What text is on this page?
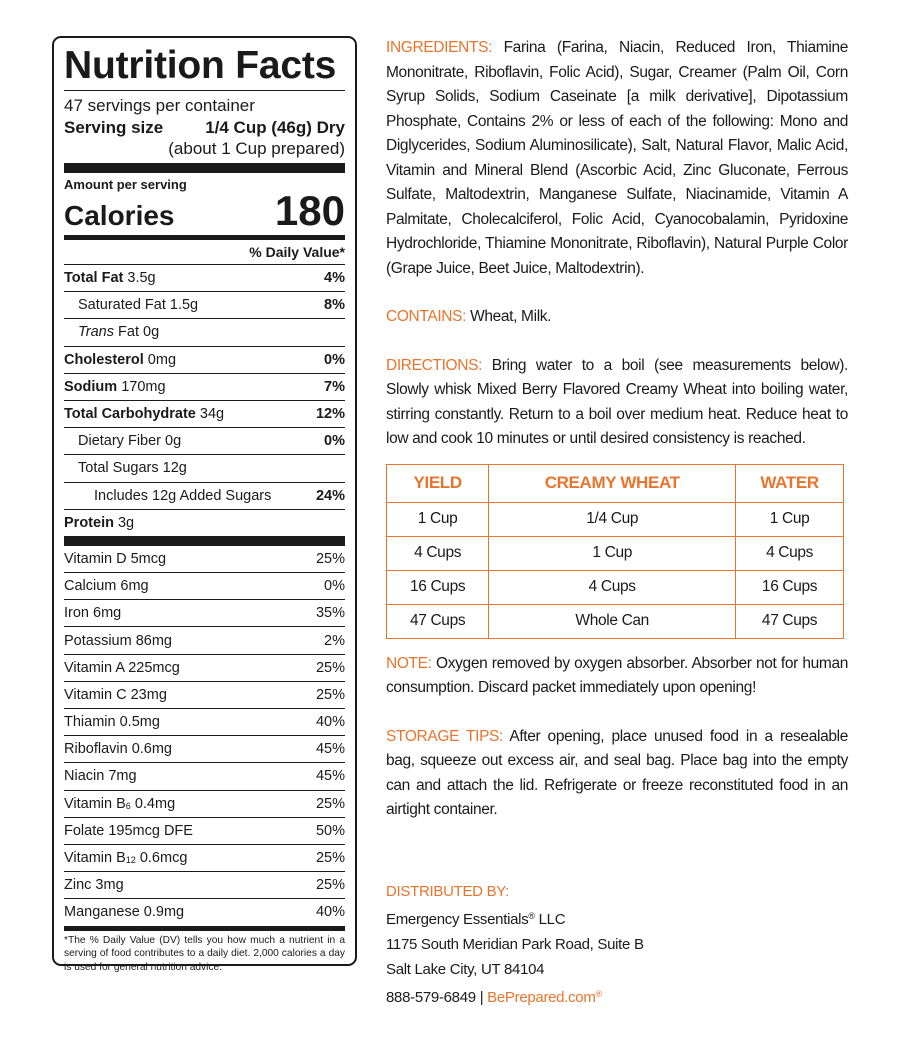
Nutrition Facts
47 servings per container
Serving size 1/4 Cup (46g) Dry
(about 1 Cup prepared)
Amount per serving
Calories 180
% Daily Value*
Total Fat 3.5g	4%
Saturated Fat 1.5g	8%
Trans Fat 0g
Cholesterol 0mg	0%
Sodium 170mg	7%
Total Carbohydrate 34g	12%
Dietary Fiber 0g	0%
Total Sugars 12g
Includes 12g Added Sugars	24%
Protein 3g
Vitamin D 5mcg	25%
Calcium 6mg	0%
Iron 6mg	35%
Potassium 86mg	2%
Vitamin A 225mcg	25%
Vitamin C 23mg	25%
Thiamin 0.5mg	40%
Riboflavin 0.6mg	45%
Niacin 7mg	45%
Vitamin $B_6$ 0.4mg	25%
Folate 195mcg DFE	50%
Vitamin $B_{12}$ 0.6mcg	25%
Zinc 3mg	25%
Manganese 0.9mg	40%
*The % Daily Value (DV) tells you how much a nutrient in a serving of food contributes to a daily diet. 2,000 calories a day is used for general nutrition advice.
INGREDIENTS: Farina (Farina, Niacin, Reduced Iron, Thiamine Mononitrate, Riboflavin, Folic Acid), Sugar, Creamer (Palm Oil, Corn Syrup Solids, Sodium Caseinate [a milk derivative], Dipotassium Phosphate, Contains 2% or less of each of the following: Mono and Diglycerides, Sodium Aluminosilicate), Salt, Natural Flavor, Malic Acid, Vitamin and Mineral Blend (Ascorbic Acid, Zinc Gluconate, Ferrous Sulfate, Maltodextrin, Manganese Sulfate, Niacinamide, Vitamin A Palmitate, Cholecalciferol, Folic Acid, Cyanocobalamin, Pyridoxine Hydrochloride, Thiamine Mononitrate, Riboflavin), Natural Purple Color (Grape Juice, Beet Juice, Maltodextrin).
CONTAINS: Wheat, Milk.
DIRECTIONS: Bring water to a boil (see measurements below). Slowly whisk Mixed Berry Flavored Creamy Wheat into boiling water, stirring constantly. Return to a boil over medium heat. Reduce heat to low and cook 10 minutes or until desired consistency is reached.
YIELD	CREAMY WHEAT	WATER
1 Cup	1/4 Cup	1 Cup
4 Cups	1 Cup	4 Cups
16 Cups	4 Cups	16 Cups
47 Cups	Whole Can	47 Cups
NOTE: Oxygen removed by oxygen absorber. Absorber not for human consumption. Discard packet immediately upon opening!
STORAGE TIPS: After opening, place unused food in a resealable bag, squeeze out excess air, and seal bag. Place bag into the empty can and attach the lid. Refrigerate or freeze reconstituted food in an airtight container.
DISTRIBUTED BY:
Emergency Essentials® LLC
1175 South Meridian Park Road, Suite B
Salt Lake City, UT 84104
888-579-6849 | BePrepared.com®
